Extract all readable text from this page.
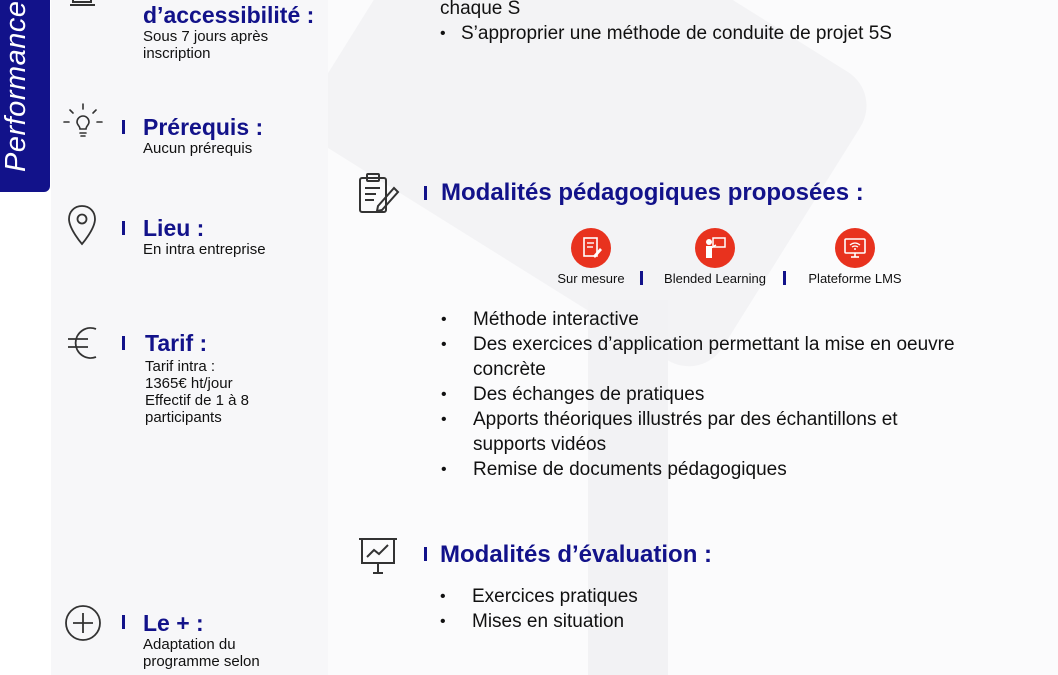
Performance	d’accessibilité :
Sous 7 jours après
inscription
Prérequis :
Aucun prérequis
Lieu :
En intra entreprise
Tarif :
Tarif intra :
1365€ ht/jour
Effectif de 1 à 8
participants
Le + :
Adaptation du
programme selon
chaque S
• S’approprier une méthode de conduite de projet 5S
Modalités pédagogiques proposées :
Sur mesure	Blended Learning	Plateforme LMS
• Méthode interactive
• Des exercices d’application permettant la mise en oeuvre concrète
• Des échanges de pratiques
• Apports théoriques illustrés par des échantillons et supports vidéos
• Remise de documents pédagogiques
Modalités d’évaluation :
• Exercices pratiques
• Mises en situation
